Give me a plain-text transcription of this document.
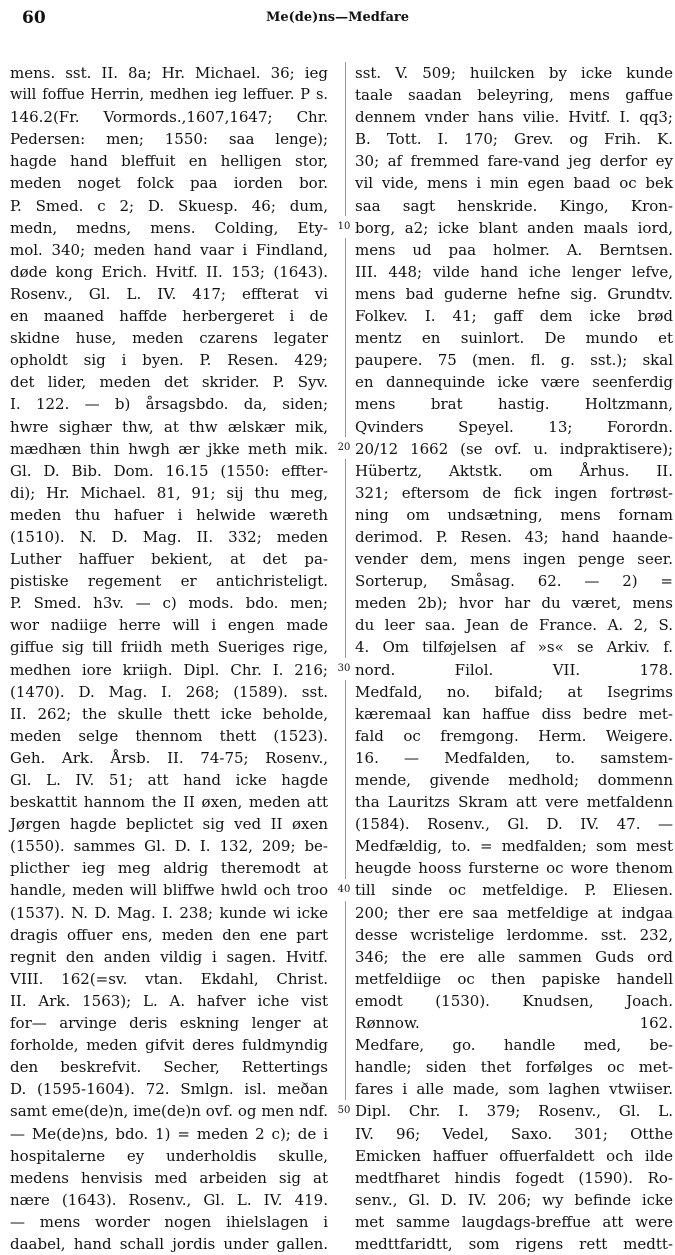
60	Me(de)ns—Medfare
mens. sst. II. 8a; Hr. Michael. 36; ieg
will foffue Herrin, medhen ieg leffuer. P s.
146.2(Fr. Vormords.,1607,1647; Chr.
Pedersen: men; 1550: saa lenge);
hagde hand bleffuit en helligen stor,
meden noget folck paa iorden bor.
P. Smed. c 2; D. Skuesp. 46; dum,
medn, medns, mens. Colding, Ety-
mol. 340; meden hand vaar i Findland,
døde kong Erich. Hvitf. II. 153; (1643).
Rosenv., Gl. L. IV. 417; effterat vi
en maaned haffde herbergeret i de
skidne huse, meden czarens legater
opholdt sig i byen. P. Resen. 429;
det lider, meden det skrider. P. Syv.
I. 122. — b) årsagsbdo. da, siden;
hwre sighær thw, at thw ælskær mik,
mædhæn thin hwgh ær jkke meth mik.
Gl. D. Bib. Dom. 16.15 (1550: effter-
di); Hr. Michael. 81, 91; sij thu meg,
meden thu hafuer i helwide wæreth
(1510). N. D. Mag. II. 332; meden
Luther haffuer bekient, at det pa-
pistiske regement er antichristeligt.
P. Smed. h3v. — c) mods. bdo. men;
wor nadiige herre will i engen made
giffue sig till friidh meth Sueriges rige,
medhen iore kriigh. Dipl. Chr. I. 216;
(1470). D. Mag. I. 268; (1589). sst.
II. 262; the skulle thett icke beholde,
meden selge thennom thett (1523).
Geh. Ark. Årsb. II. 74-75; Rosenv.,
Gl. L. IV. 51; att hand icke hagde
beskattit hannom the II øxen, meden att
Jørgen hagde beplictet sig ved II øxen
(1550). sammes Gl. D. I. 132, 209; be-
plicther ieg meg aldrig theremodt at
handle, meden will bliffwe hwld och troo
(1537). N. D. Mag. I. 238; kunde wi icke
dragis offuer ens, meden den ene part
regnit den anden vildig i sagen. Hvitf.
VIII. 162(=sv. vtan. Ekdahl, Christ.
II. Ark. 1563); L. A. hafver iche vist
for— arvinge deris eskning lenger at
forholde, meden gifvit deres fuldmyndig
den beskrefvit. Secher, Rettertings
D. (1595-1604). 72. Smlgn. isl. meðan
samt eme(de)n, ime(de)n ovf. og men ndf.
— Me(de)ns, bdo. 1) = meden 2 c); de i
hospitalerne ey underholdis skulle,
medens henvisis med arbeiden sig at
nære (1643). Rosenv., Gl. L. IV. 419.
— mens worder nogen ihielslagen i
daabel, hand schall jordis under gallen.
sst. V. 509; huilcken by icke kunde
taale saadan beleyring, mens gaffue
dennem vnder hans vilie. Hvitf. I. qq3;
B. Tott. I. 170; Grev. og Frih. K.
30; af fremmed fare-vand jeg derfor ey
vil vide, mens i min egen baad oc bek
saa sagt henskride. Kingo, Kron-
borg, a2; icke blant anden maals iord,
mens ud paa holmer. A. Berntsen.
III. 448; vilde hand iche lenger lefve,
mens bad guderne hefne sig. Grundtv.
Folkev. I. 41; gaff dem icke brød
mentz en suinlort. De mundo et
paupere. 75 (men. fl. g. sst.); skal
en dannequinde icke være seenferdig
mens brat hastig. Holtzmann,
Qvinders Speyel. 13; Forordn.
20/12 1662 (se ovf. u. indpraktisere);
Hübertz, Aktstk. om Århus. II.
321; eftersom de fick ingen fortrøst-
ning om undsætning, mens fornam
derimod. P. Resen. 43; hand haande-
vender dem, mens ingen penge seer.
Sorterup, Småsag. 62. — 2) =
meden 2b); hvor har du været, mens
du leer saa. Jean de France. A. 2, S.
4. Om tilføjelsen af »s« se Arkiv. f.
nord. Filol. VII. 178.
Medfald, no. bifald; at Isegrims
kæremaal kan haffue diss bedre met-
fald oc fremgong. Herm. Weigere.
16. — Medfalden, to. samstem-
mende, givende medhold; dommenn
tha Lauritzs Skram att vere metfaldenn
(1584). Rosenv., Gl. D. IV. 47. —
Medfældig, to. = medfalden; som mest
heugde hooss fursterne oc wore thenom
till sinde oc metfeldige. P. Eliesen.
200; ther ere saa metfeldige at indgaa
desse wcristelige lerdomme. sst. 232,
346; the ere alle sammen Guds ord
metfeldiige oc then papiske handell
emodt (1530). Knudsen, Joach.
Rønnow. 162.
Medfare, go. handle med, be-
handle; siden thet forfølges oc met-
fares i alle made, som laghen vtwiiser.
Dipl. Chr. I. 379; Rosenv., Gl. L.
IV. 96; Vedel, Saxo. 301; Otthe
Emicken haffuer offuerfaldett och ilde
medtfharet hindis fogedt (1590). Ro-
senv., Gl. D. IV. 206; wy befinde icke
met samme laugdags-breffue att were
medttfaridtt, som rigens rett medtt-
10
20
30
40
50
